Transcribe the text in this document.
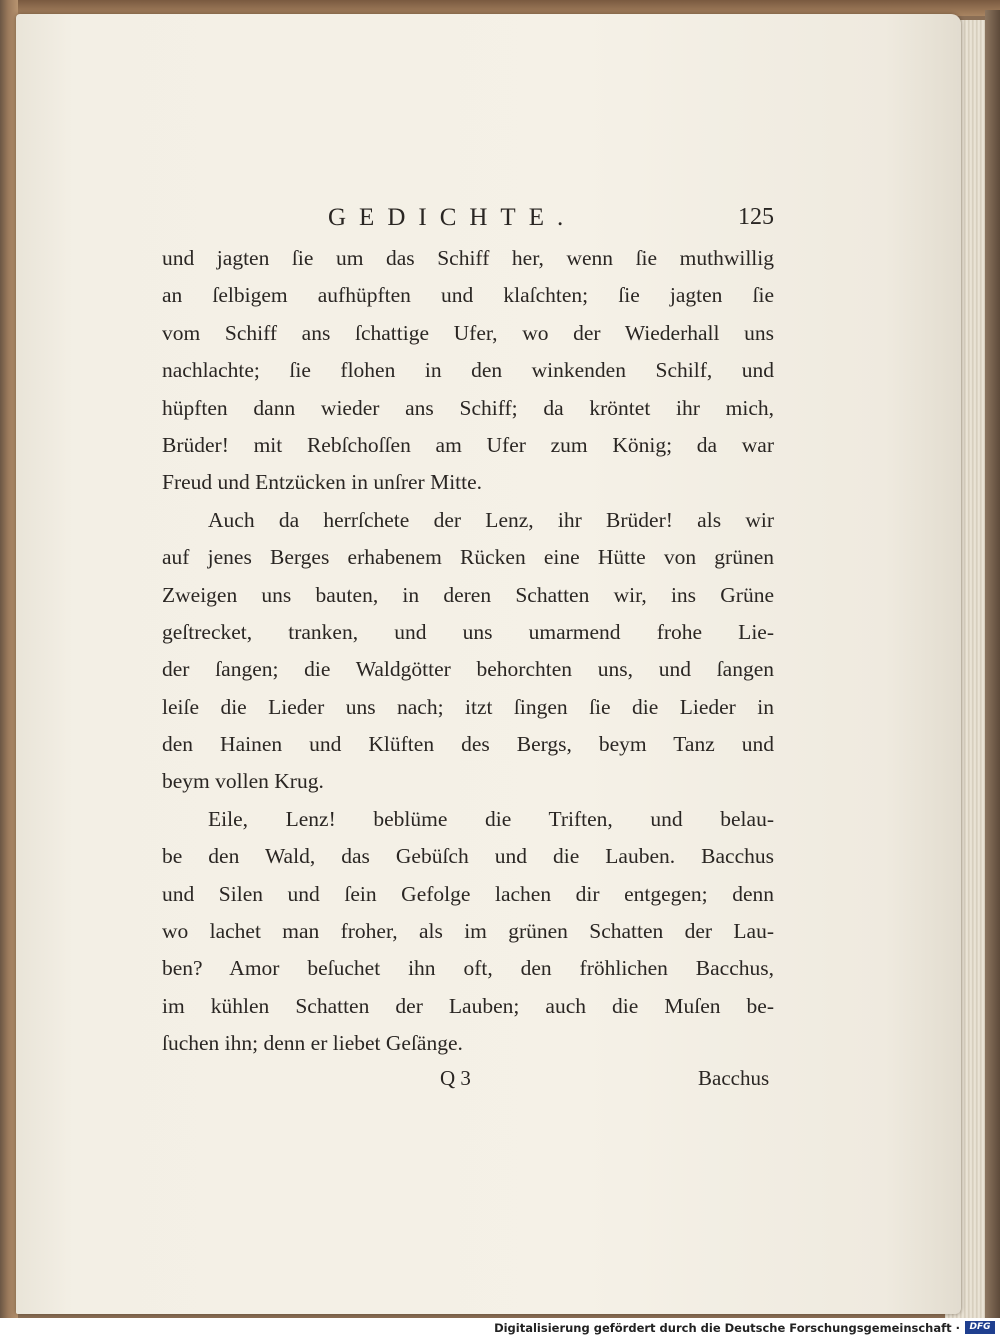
GEDICHTE.	125
und jagten ſie um das Schiff her, wenn ſie muthwillig
an ſelbigem aufhüpften und klaſchten; ſie jagten ſie
vom Schiff ans ſchattige Ufer, wo der Wiederhall uns
nachlachte; ſie flohen in den winkenden Schilf, und
hüpften dann wieder ans Schiff; da kröntet ihr mich,
Brüder! mit Rebſchoſſen am Ufer zum König; da war
Freud und Entzücken in unſrer Mitte.
Auch da herrſchete der Lenz, ihr Brüder! als wir
auf jenes Berges erhabenem Rücken eine Hütte von grünen
Zweigen uns bauten, in deren Schatten wir, ins Grüne
geſtrecket, tranken, und uns umarmend frohe Lie-
der ſangen; die Waldgötter behorchten uns, und ſangen
leiſe die Lieder uns nach; itzt ſingen ſie die Lieder in
den Hainen und Klüften des Bergs, beym Tanz und
beym vollen Krug.
Eile, Lenz! beblüme die Triften, und belau-
be den Wald, das Gebüſch und die Lauben. Bacchus
und Silen und ſein Gefolge lachen dir entgegen; denn
wo lachet man froher, als im grünen Schatten der Lau-
ben? Amor beſuchet ihn oft, den fröhlichen Bacchus,
im kühlen Schatten der Lauben; auch die Muſen be-
ſuchen ihn; denn er liebet Geſänge.
Q 3	Bacchus
Digitalisierung gefördert durch die Deutsche Forschungsgemeinschaft ·	DFG
